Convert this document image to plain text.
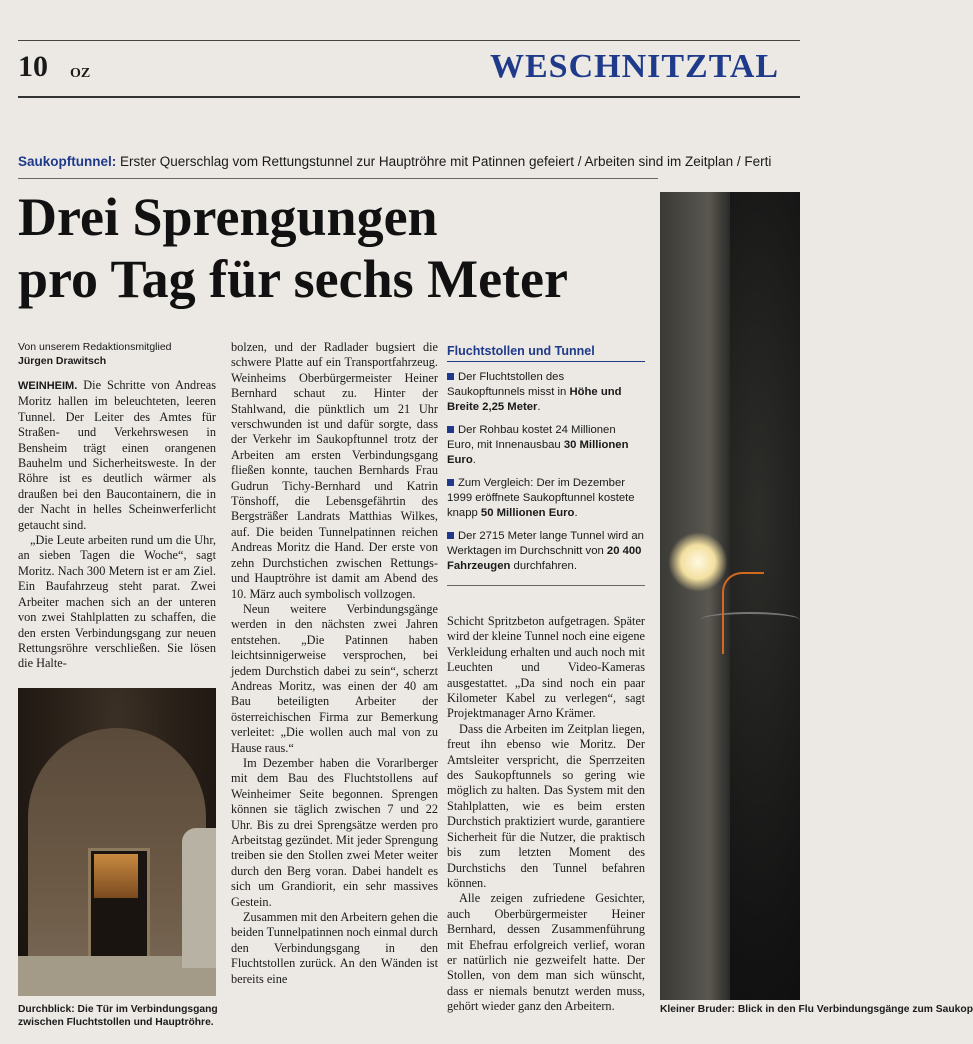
10 OZ	WESCHNITZTAL
Saukopftunnel: Erster Querschlag vom Rettungstunnel zur Hauptröhre mit Patinnen gefeiert / Arbeiten sind im Zeitplan / Ferti
Drei Sprengungen
pro Tag für sechs Meter
Von unserem Redaktionsmitglied
Jürgen Drawitsch

WEINHEIM. Die Schritte von Andreas Moritz hallen im beleuchteten, leeren Tunnel. Der Leiter des Amtes für Straßen- und Verkehrswesen in Bensheim trägt einen orangenen Bauhelm und Sicherheitsweste. In der Röhre ist es deutlich wärmer als draußen bei den Baucontainern, die in der Nacht in helles Scheinwerferlicht getaucht sind.

„Die Leute arbeiten rund um die Uhr, an sieben Tagen die Woche“, sagt Moritz. Nach 300 Metern ist er am Ziel. Ein Baufahrzeug steht parat. Zwei Arbeiter machen sich an der unteren von zwei Stahlplatten zu schaffen, die den ersten Verbindungsgang zur neuen Rettungsröhre verschließen. Sie lösen die Halte-

Durchblick: Die Tür im Verbindungsgang zwischen Fluchtstollen und Hauptröhre.

bolzen, und der Radlader bugsiert die schwere Platte auf ein Transportfahrzeug. Weinheims Oberbürgermeister Heiner Bernhard schaut zu. Hinter der Stahlwand, die pünktlich um 21 Uhr verschwunden ist und dafür sorgte, dass der Verkehr im Saukopftunnel trotz der Arbeiten am ersten Verbindungsgang fließen konnte, tauchen Bernhards Frau Gudrun Tichy-Bernhard und Katrin Tönshoff, die Lebensgefährtin des Bergsträßer Landrats Matthias Wilkes, auf. Die beiden Tunnelpatinnen reichen Andreas Moritz die Hand. Der erste von zehn Durchstichen zwischen Rettungs- und Hauptröhre ist damit am Abend des 10. März auch symbolisch vollzogen.

Neun weitere Verbindungsgänge werden in den nächsten zwei Jahren entstehen. „Die Patinnen haben leichtsinnigerweise versprochen, bei jedem Durchstich dabei zu sein“, scherzt Andreas Moritz, was einen der 40 am Bau beteiligten Arbeiter der österreichischen Firma zur Bemerkung verleitet: „Die wollen auch mal von zu Hause raus.“

Im Dezember haben die Vorarlberger mit dem Bau des Fluchtstollens auf Weinheimer Seite begonnen. Sprengen können sie täglich zwischen 7 und 22 Uhr. Bis zu drei Sprengsätze werden pro Arbeitstag gezündet. Mit jeder Sprengung treiben sie den Stollen zwei Meter weiter durch den Berg voran. Dabei handelt es sich um Grandiorit, ein sehr massives Gestein.

Zusammen mit den Arbeitern gehen die beiden Tunnelpatinnen noch einmal durch den Verbindungsgang in den Fluchtstollen zurück. An den Wänden ist bereits eine

Fluchtstollen und Tunnel
Der Fluchtstollen des Saukopftunnels misst in Höhe und Breite 2,25 Meter.
Der Rohbau kostet 24 Millionen Euro, mit Innenausbau 30 Millionen Euro.
Zum Vergleich: Der im Dezember 1999 eröffnete Saukopftunnel kostete knapp 50 Millionen Euro.
Der 2715 Meter lange Tunnel wird an Werktagen im Durchschnitt von 20 400 Fahrzeugen durchfahren.

Schicht Spritzbeton aufgetragen. Später wird der kleine Tunnel noch eine eigene Verkleidung erhalten und auch noch mit Leuchten und Video-Kameras ausgestattet. „Da sind noch ein paar Kilometer Kabel zu verlegen“, sagt Projektmanager Arno Krämer.

Dass die Arbeiten im Zeitplan liegen, freut ihn ebenso wie Moritz. Der Amtsleiter verspricht, die Sperrzeiten des Saukopftunnels so gering wie möglich zu halten. Das System mit den Stahlplatten, wie es beim ersten Durchstich praktiziert wurde, garantiere Sicherheit für die Nutzer, die praktisch bis zum letzten Moment des Durchstichs den Tunnel befahren können.

Alle zeigen zufriedene Gesichter, auch Oberbürgermeister Heiner Bernhard, dessen Zusammenführung mit Ehefrau erfolgreich verlief, woran er natürlich nie gezweifelt hatte. Der Stollen, von dem man sich wünscht, dass er niemals benutzt werden muss, gehört wieder ganz den Arbeitern.	Kleiner Bruder: Blick in den Flu Verbindungsgänge zum Saukop
